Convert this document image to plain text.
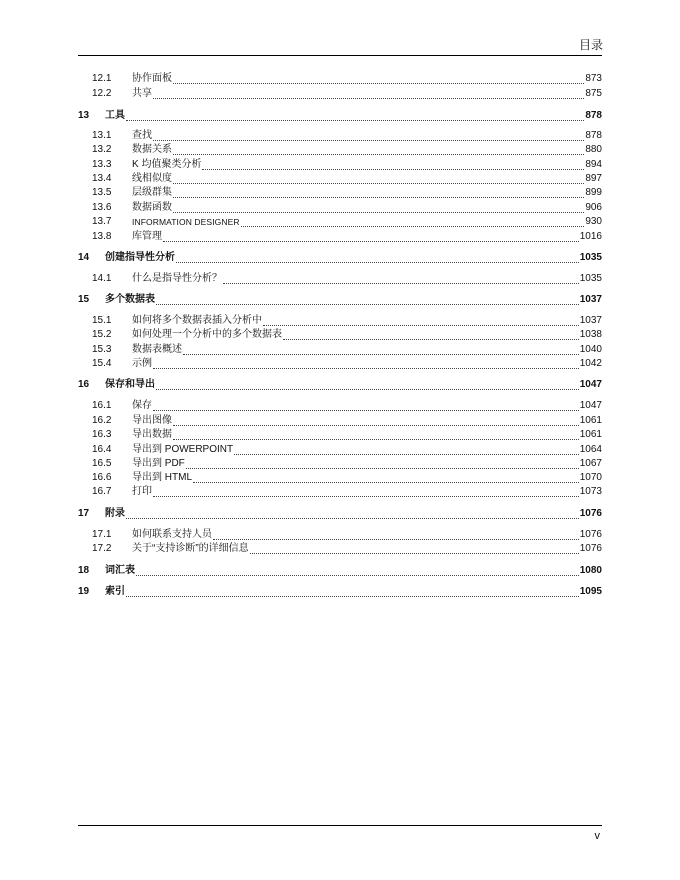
目录
12.1	协作面板	873
12.2	共享	875
13	工具	878
13.1	查找	878
13.2	数据关系	880
13.3	K 均值聚类分析	894
13.4	线相似度	897
13.5	层级群集	899
13.6	数据函数	906
13.7	INFORMATION DESIGNER	930
13.8	库管理	1016
14	创建指导性分析	1035
14.1	什么是指导性分析？	1035
15	多个数据表	1037
15.1	如何将多个数据表插入分析中	1037
15.2	如何处理一个分析中的多个数据表	1038
15.3	数据表概述	1040
15.4	示例	1042
16	保存和导出	1047
16.1	保存	1047
16.2	导出图像	1061
16.3	导出数据	1061
16.4	导出到 POWERPOINT	1064
16.5	导出到 PDF	1067
16.6	导出到 HTML	1070
16.7	打印	1073
17	附录	1076
17.1	如何联系支持人员	1076
17.2	关于“支持诊断”的详细信息	1076
18	词汇表	1080
19	索引	1095
v
